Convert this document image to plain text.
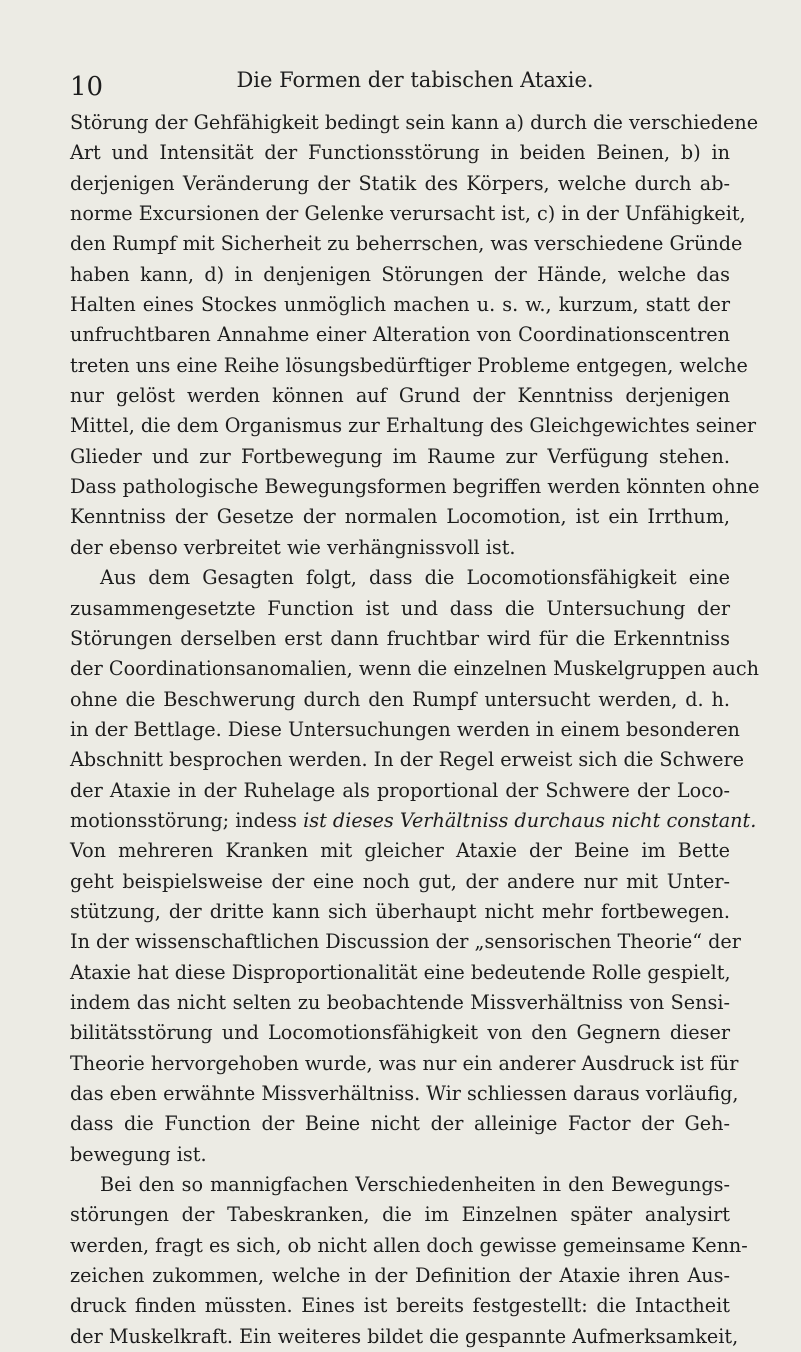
10	Die Formen der tabischen Ataxie.
Störung der Gehfähigkeit bedingt sein kann a) durch die verschiedene
Art und Intensität der Functionsstörung in beiden Beinen, b) in
derjenigen Veränderung der Statik des Körpers, welche durch ab-
norme Excursionen der Gelenke verursacht ist, c) in der Unfähigkeit,
den Rumpf mit Sicherheit zu beherrschen, was verschiedene Gründe
haben kann, d) in denjenigen Störungen der Hände, welche das
Halten eines Stockes unmöglich machen u. s. w., kurzum, statt der
unfruchtbaren Annahme einer Alteration von Coordinationscentren
treten uns eine Reihe lösungsbedürftiger Probleme entgegen, welche
nur gelöst werden können auf Grund der Kenntniss derjenigen
Mittel, die dem Organismus zur Erhaltung des Gleichgewichtes seiner
Glieder und zur Fortbewegung im Raume zur Verfügung stehen.
Dass pathologische Bewegungsformen begriffen werden könnten ohne
Kenntniss der Gesetze der normalen Locomotion, ist ein Irrthum,
der ebenso verbreitet wie verhängnissvoll ist.
Aus dem Gesagten folgt, dass die Locomotionsfähigkeit eine
zusammengesetzte Function ist und dass die Untersuchung der
Störungen derselben erst dann fruchtbar wird für die Erkenntniss
der Coordinationsanomalien, wenn die einzelnen Muskelgruppen auch
ohne die Beschwerung durch den Rumpf untersucht werden, d. h.
in der Bettlage. Diese Untersuchungen werden in einem besonderen
Abschnitt besprochen werden. In der Regel erweist sich die Schwere
der Ataxie in der Ruhelage als proportional der Schwere der Loco-
motionsstörung; indess ist dieses Verhältniss durchaus nicht constant.
Von mehreren Kranken mit gleicher Ataxie der Beine im Bette
geht beispielsweise der eine noch gut, der andere nur mit Unter-
stützung, der dritte kann sich überhaupt nicht mehr fortbewegen.
In der wissenschaftlichen Discussion der „sensorischen Theorie“ der
Ataxie hat diese Disproportionalität eine bedeutende Rolle gespielt,
indem das nicht selten zu beobachtende Missverhältniss von Sensi-
bilitätsstörung und Locomotionsfähigkeit von den Gegnern dieser
Theorie hervorgehoben wurde, was nur ein anderer Ausdruck ist für
das eben erwähnte Missverhältniss. Wir schliessen daraus vorläufig,
dass die Function der Beine nicht der alleinige Factor der Geh-
bewegung ist.
Bei den so mannigfachen Verschiedenheiten in den Bewegungs-
störungen der Tabeskranken, die im Einzelnen später analysirt
werden, fragt es sich, ob nicht allen doch gewisse gemeinsame Kenn-
zeichen zukommen, welche in der Definition der Ataxie ihren Aus-
druck finden müssten. Eines ist bereits festgestellt: die Intactheit
der Muskelkraft. Ein weiteres bildet die gespannte Aufmerksamkeit,
